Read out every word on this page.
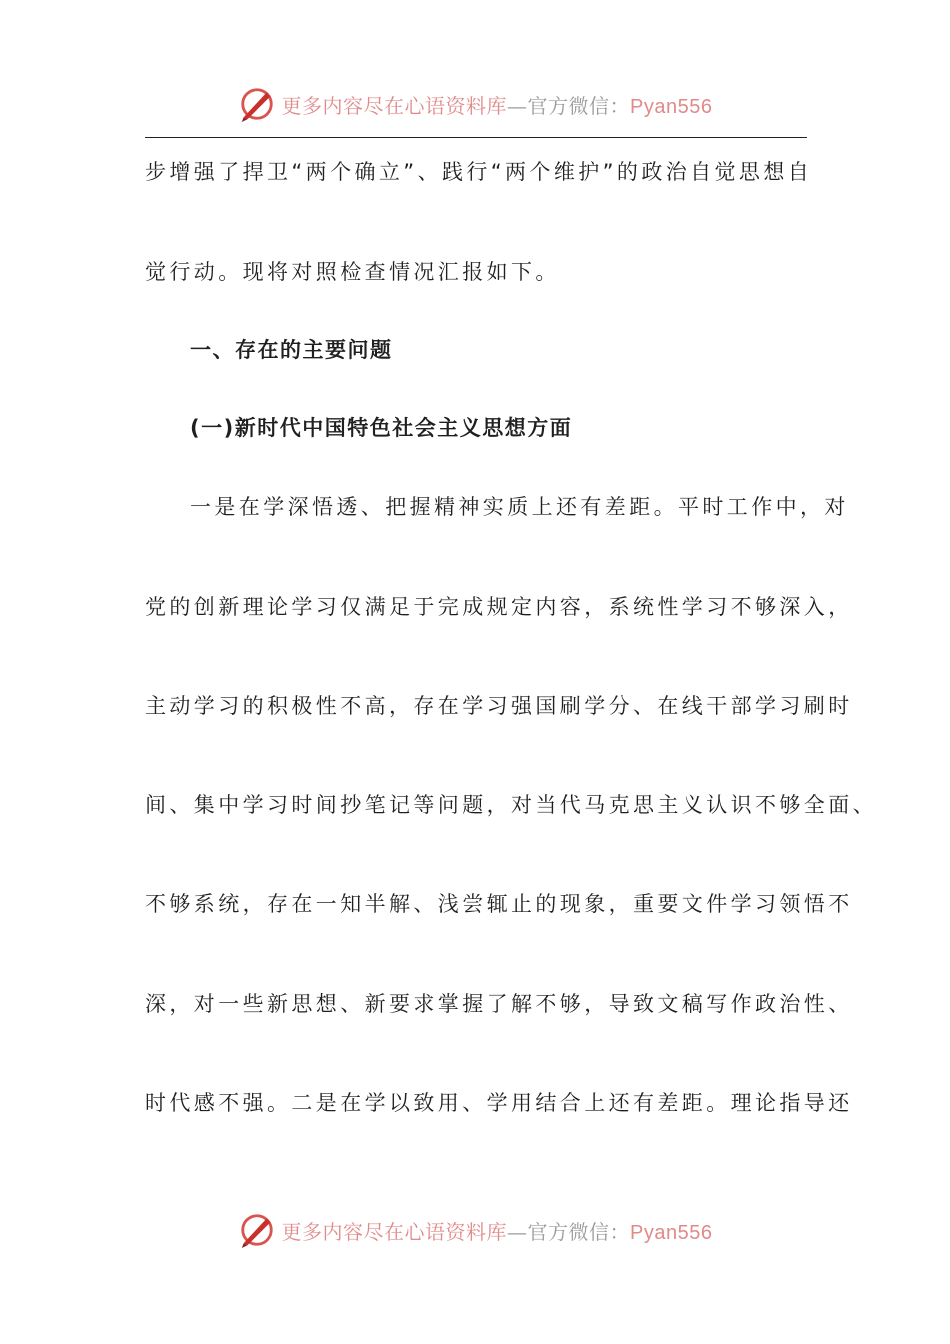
更多内容尽在心语资料库—官方微信：Pyan556
步增强了捍卫“两个确立”、践行“两个维护”的政治自觉思想自
觉行动。现将对照检查情况汇报如下。
一、存在的主要问题
(一)新时代中国特色社会主义思想方面
一是在学深悟透、把握精神实质上还有差距。平时工作中，对
党的创新理论学习仅满足于完成规定内容，系统性学习不够深入，
主动学习的积极性不高，存在学习强国刷学分、在线干部学习刷时
间、集中学习时间抄笔记等问题，对当代马克思主义认识不够全面、
不够系统，存在一知半解、浅尝辄止的现象，重要文件学习领悟不
深，对一些新思想、新要求掌握了解不够，导致文稿写作政治性、
时代感不强。二是在学以致用、学用结合上还有差距。理论指导还
更多内容尽在心语资料库—官方微信：Pyan556
